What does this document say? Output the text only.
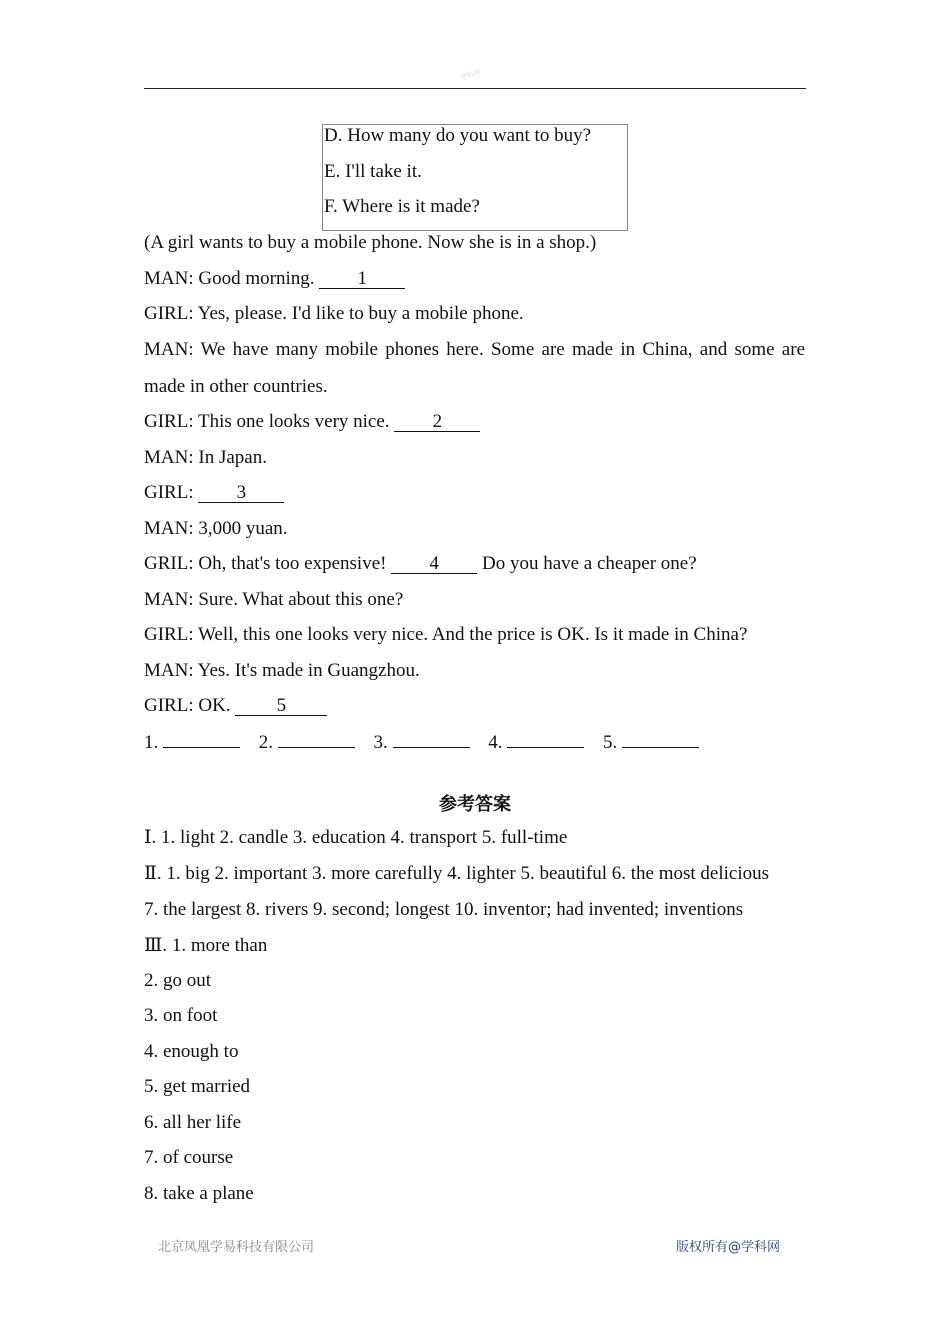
学科网
D. How many do you want to buy?
E. I'll take it.
F. Where is it made?
(A girl wants to buy a mobile phone. Now she is in a shop.)
MAN: Good morning. 1
GIRL: Yes, please. I'd like to buy a mobile phone.
MAN: We have many mobile phones here. Some are made in China, and some are
made in other countries.
GIRL: This one looks very nice. 2
MAN: In Japan.
GIRL: 3
MAN: 3,000 yuan.
GRIL: Oh, that's too expensive! 4 Do you have a cheaper one?
MAN: Sure. What about this one?
GIRL: Well, this one looks very nice. And the price is OK. Is it made in China?
MAN: Yes. It's made in Guangzhou.
GIRL: OK. 5
1.	2.	3.	4.	5.
参考答案
Ⅰ. 1. light 2. candle 3. education 4. transport 5. full-time
Ⅱ. 1. big 2. important 3. more carefully 4. lighter 5. beautiful 6. the most delicious
7. the largest 8. rivers 9. second; longest 10. inventor; had invented; inventions
Ⅲ. 1. more than
2. go out
3. on foot
4. enough to
5. get married
6. all her life
7. of course
8. take a plane
北京凤凰学易科技有限公司	版权所有@学科网
